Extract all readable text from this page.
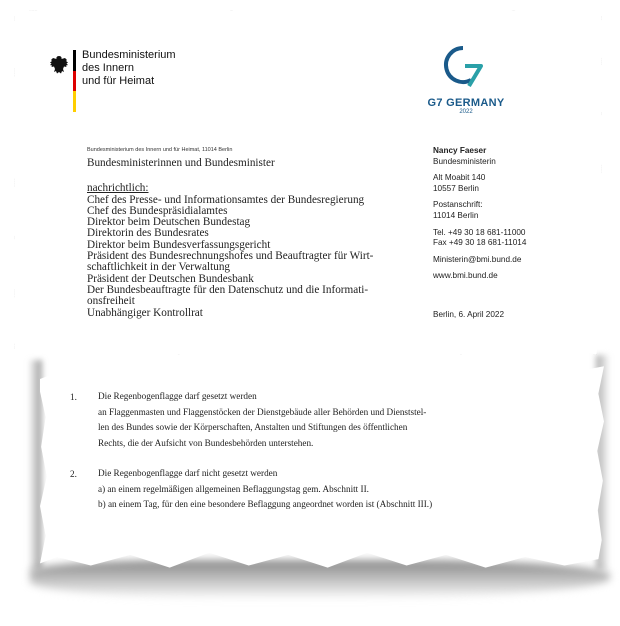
Bundesministerium
des Innern
und für Heimat
G7 GERMANY
2022
Bundesministerium des Innern und für Heimat, 11014 Berlin
Bundesministerinnen und Bundesminister
nachrichtlich:
Chef des Presse- und Informationsamtes der Bundesregierung
Chef des Bundespräsidialamtes
Direktor beim Deutschen Bundestag
Direktorin des Bundesrates
Direktor beim Bundesverfassungsgericht
Präsident des Bundesrechnungshofes und Beauftragter für Wirt-
schaftlichkeit in der Verwaltung
Präsident der Deutschen Bundesbank
Der Bundesbeauftragte für den Datenschutz und die Informati-
onsfreiheit
Unabhängiger Kontrollrat
Nancy Faeser
Bundesministerin
Alt Moabit 140
10557 Berlin
Postanschrift:
11014 Berlin
Tel. +49 30 18 681-11000
Fax +49 30 18 681-11014
Ministerin@bmi.bund.de
www.bmi.bund.de
Berlin, 6. April 2022
1. Die Regenbogenflagge darf gesetzt werden
an Flaggenmasten und Flaggenstöcken der Dienstgebäude aller Behörden und Dienststel-
len des Bundes sowie der Körperschaften, Anstalten und Stiftungen des öffentlichen
Rechts, die der Aufsicht von Bundesbehörden unterstehen.
2. Die Regenbogenflagge darf nicht gesetzt werden
a) an einem regelmäßigen allgemeinen Beflaggungstag gem. Abschnitt II.
b) an einem Tag, für den eine besondere Beflaggung angeordnet worden ist (Abschnitt III.)
